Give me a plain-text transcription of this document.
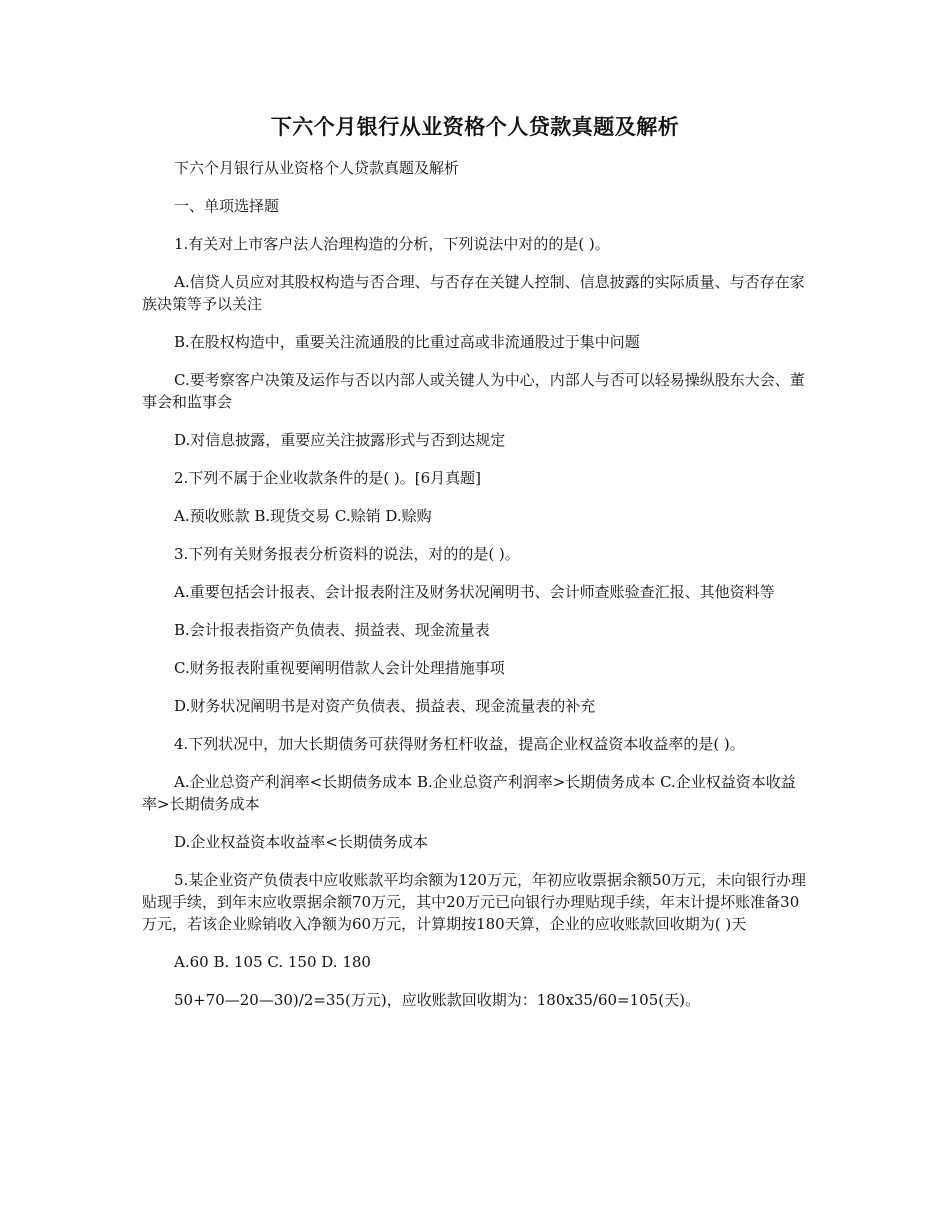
下六个月银行从业资格个人贷款真题及解析

下六个月银行从业资格个人贷款真题及解析

一、单项选择题

1.有关对上市客户法人治理构造的分析，下列说法中对的的是( )。

A.信贷人员应对其股权构造与否合理、与否存在关键人控制、信息披露的实际质量、与否存在家族决策等予以关注

B.在股权构造中，重要关注流通股的比重过高或非流通股过于集中问题

C.要考察客户决策及运作与否以内部人或关键人为中心，内部人与否可以轻易操纵股东大会、董事会和监事会

D.对信息披露，重要应关注披露形式与否到达规定

2.下列不属于企业收款条件的是( )。[6月真题]

A.预收账款 B.现货交易 C.赊销 D.赊购

3.下列有关财务报表分析资料的说法，对的的是( )。

A.重要包括会计报表、会计报表附注及财务状况阐明书、会计师查账验查汇报、其他资料等

B.会计报表指资产负债表、损益表、现金流量表

C.财务报表附重视要阐明借款人会计处理措施事项

D.财务状况阐明书是对资产负债表、损益表、现金流量表的补充

4.下列状况中，加大长期债务可获得财务杠杆收益，提高企业权益资本收益率的是( )。

A.企业总资产利润率<长期债务成本 B.企业总资产利润率>长期债务成本 C.企业权益资本收益率>长期债务成本

D.企业权益资本收益率<长期债务成本

5.某企业资产负债表中应收账款平均余额为120万元，年初应收票据余额50万元，未向银行办理贴现手续，到年末应收票据余额70万元，其中20万元已向银行办理贴现手续，年末计提坏账准备30万元，若该企业赊销收入净额为60万元，计算期按180天算，企业的应收账款回收期为( )天

A.60 B. 105 C. 150 D. 180

50+70—20—30)/2=35(万元)，应收账款回收期为：180x35/60=105(天)。
